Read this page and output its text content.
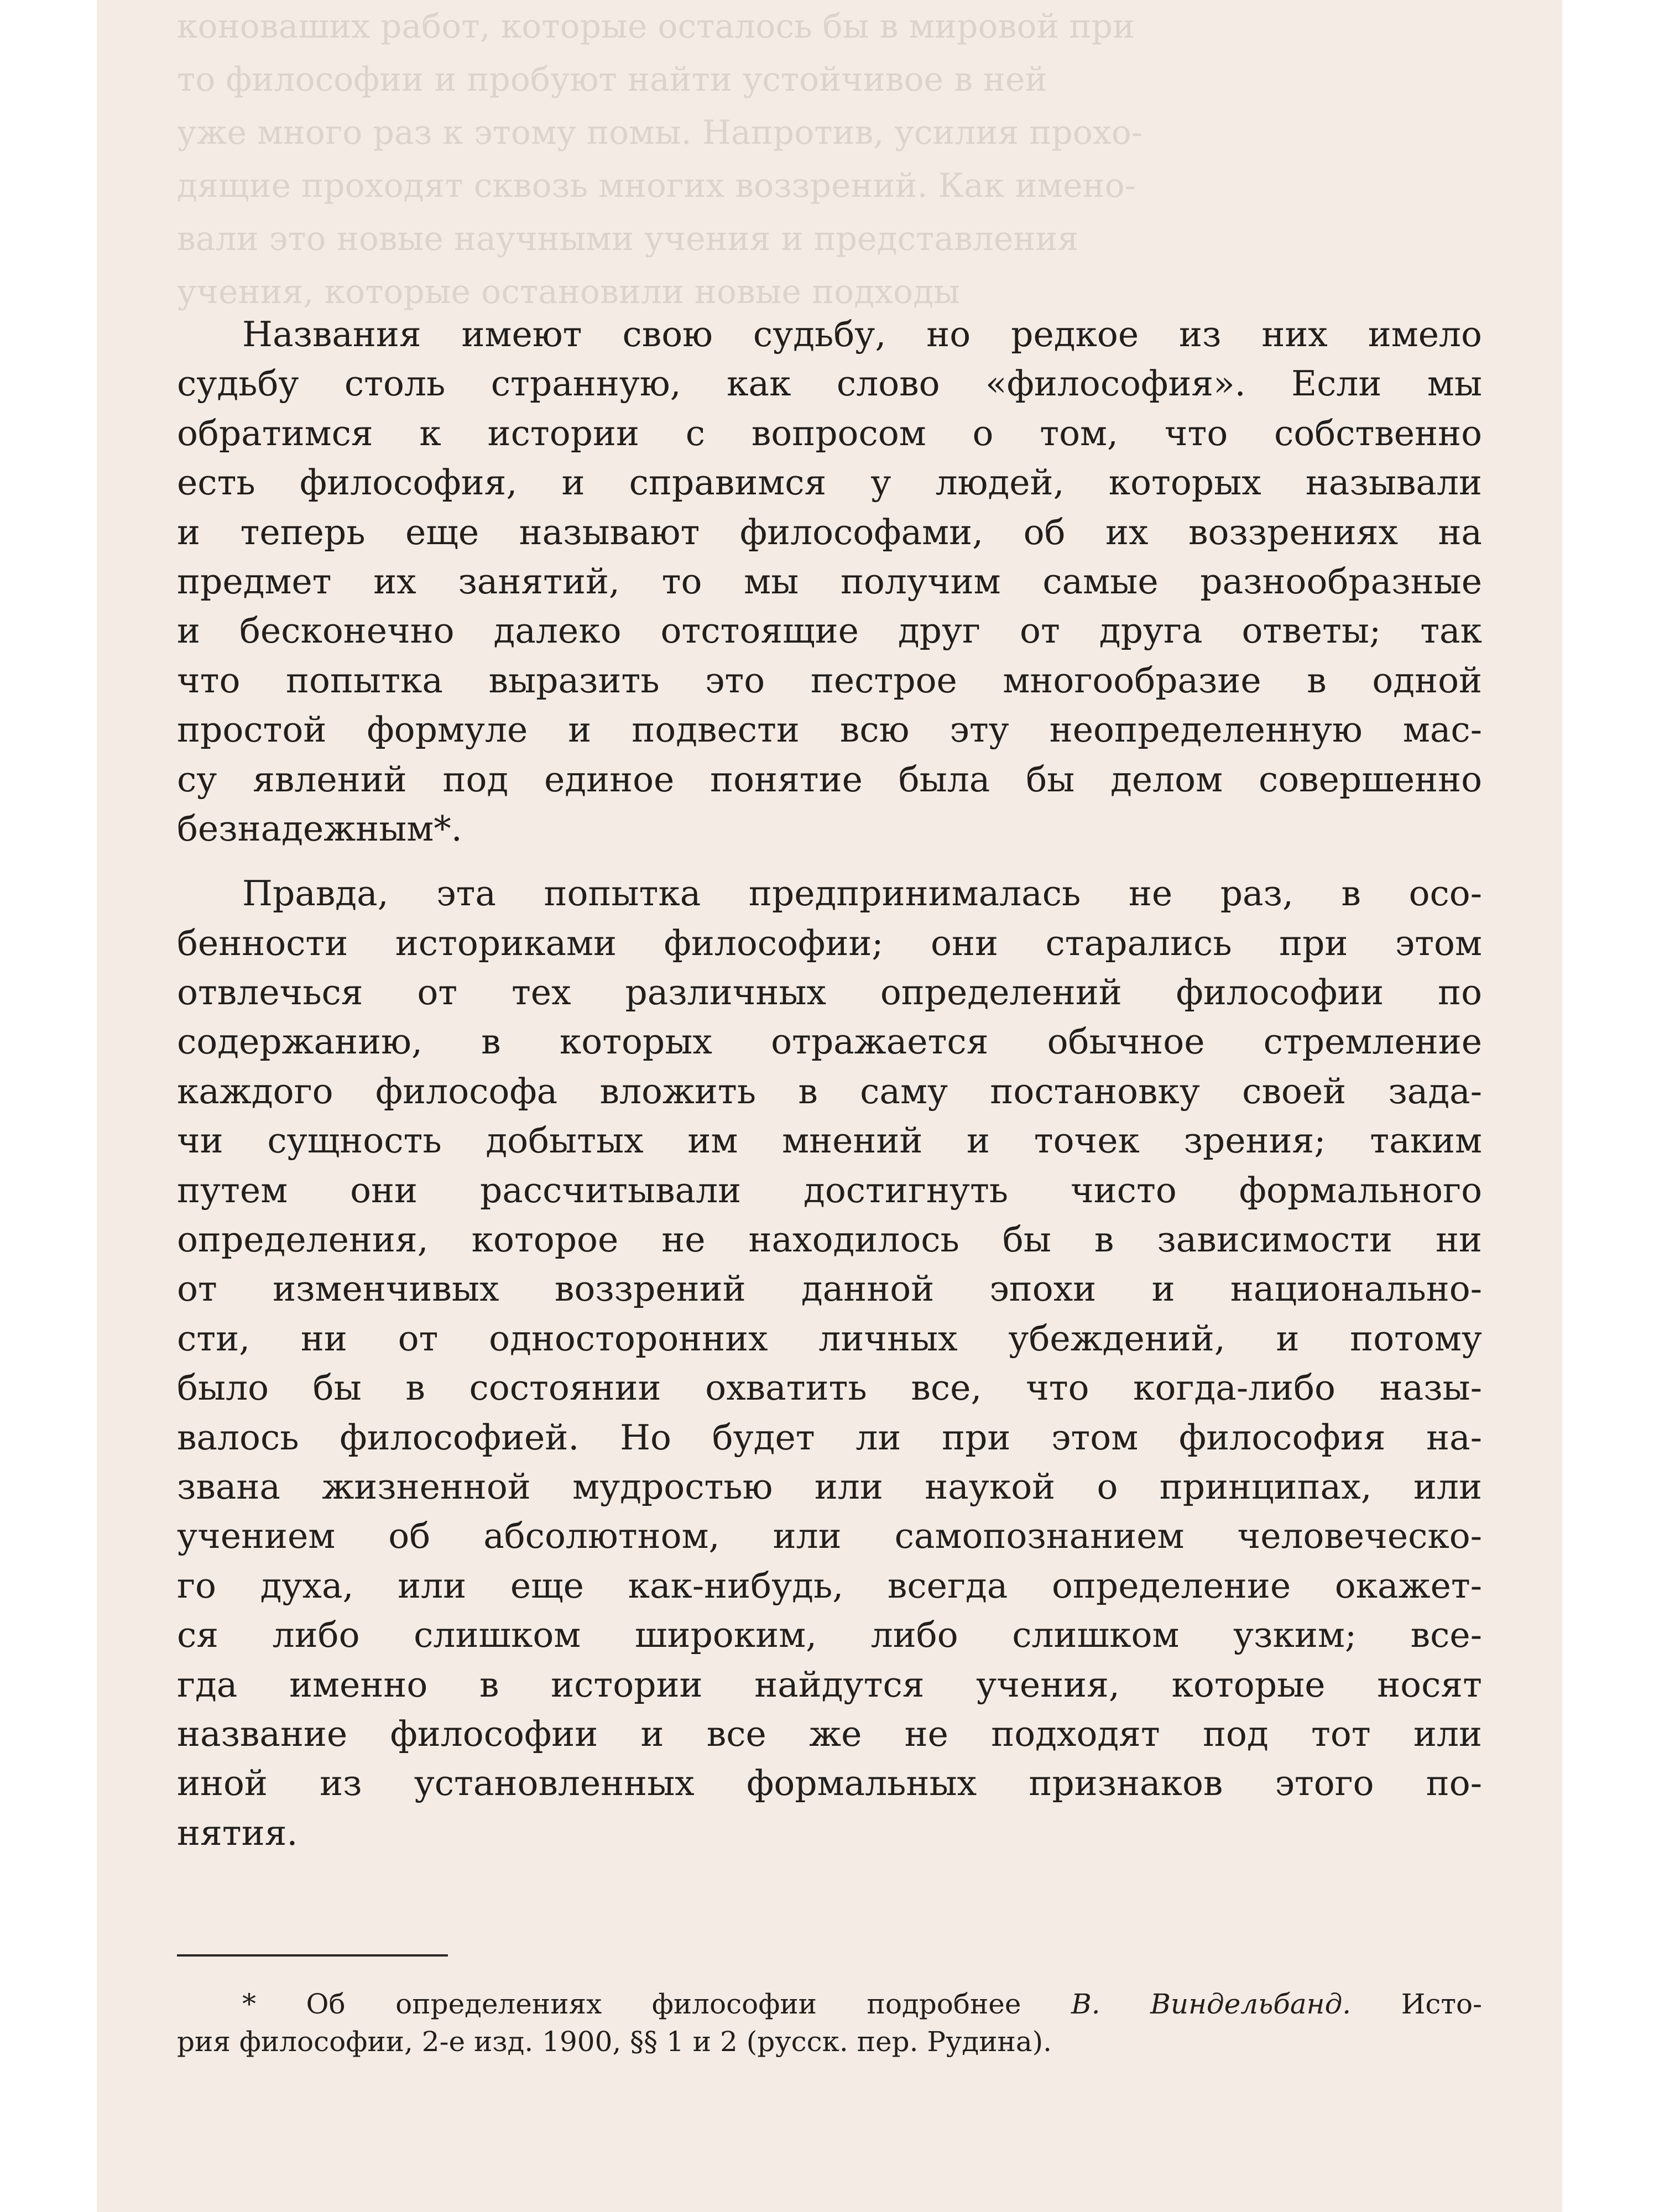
коноваших работ, которые осталось бы в мировой при
то философии и пробуют найти устойчивое в ней
уже много раз к этому помы. Напротив, усилия прохо-
дящие проходят сквозь многих воззрений. Как имено-
вали это новые научными учения и представления
учения, которые остановили новые подходы
Названия имеют свою судьбу, но редкое из них имело
судьбу столь странную, как слово «философия». Если мы
обратимся к истории с вопросом о том, что собственно
есть философия, и справимся у людей, которых называли
и теперь еще называют философами, об их воззрениях на
предмет их занятий, то мы получим самые разнообразные
и бесконечно далеко отстоящие друг от друга ответы; так
что попытка выразить это пестрое многообразие в одной
простой формуле и подвести всю эту неопределенную мас-
су явлений под единое понятие была бы делом совершенно
безнадежным*.
Правда, эта попытка предпринималась не раз, в осо-
бенности историками философии; они старались при этом
отвлечься от тех различных определений философии по
содержанию, в которых отражается обычное стремление
каждого философа вложить в саму постановку своей зада-
чи сущность добытых им мнений и точек зрения; таким
путем они рассчитывали достигнуть чисто формального
определения, которое не находилось бы в зависимости ни
от изменчивых воззрений данной эпохи и национально-
сти, ни от односторонних личных убеждений, и потому
было бы в состоянии охватить все, что когда-либо назы-
валось философией. Но будет ли при этом философия на-
звана жизненной мудростью или наукой о принципах, или
учением об абсолютном, или самопознанием человеческо-
го духа, или еще как-нибудь, всегда определение окажет-
ся либо слишком широким, либо слишком узким; все-
гда именно в истории найдутся учения, которые носят
название философии и все же не подходят под тот или
иной из установленных формальных признаков этого по-
нятия.
* Об определениях философии подробнее В. Виндельбанд. Исто-
рия философии, 2-е изд. 1900, §§ 1 и 2 (русск. пер. Рудина).
